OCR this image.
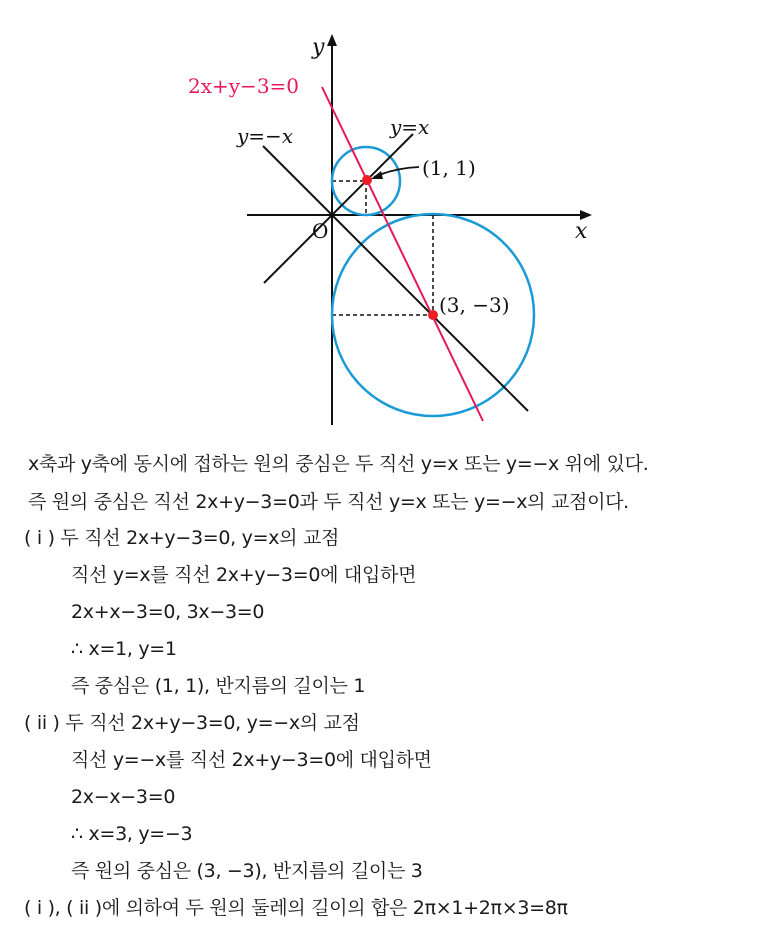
y
x
O
2x+y−3=0
y=x
y=−x
(1, 1)
(3, −3)
x축과 y축에 동시에 접하는 원의 중심은 두 직선 y=x 또는 y=−x 위에 있다.
즉 원의 중심은 직선 2x+y−3=0과 두 직선 y=x 또는 y=−x의 교점이다.
( i ) 두 직선 2x+y−3=0, y=x의 교점
직선 y=x를 직선 2x+y−3=0에 대입하면
2x+x−3=0, 3x−3=0
∴ x=1, y=1
즉 중심은 (1, 1), 반지름의 길이는 1
( ii ) 두 직선 2x+y−3=0, y=−x의 교점
직선 y=−x를 직선 2x+y−3=0에 대입하면
2x−x−3=0
∴ x=3, y=−3
즉 원의 중심은 (3, −3), 반지름의 길이는 3
( i ), ( ii )에 의하여 두 원의 둘레의 길이의 합은 2π×1+2π×3=8π
